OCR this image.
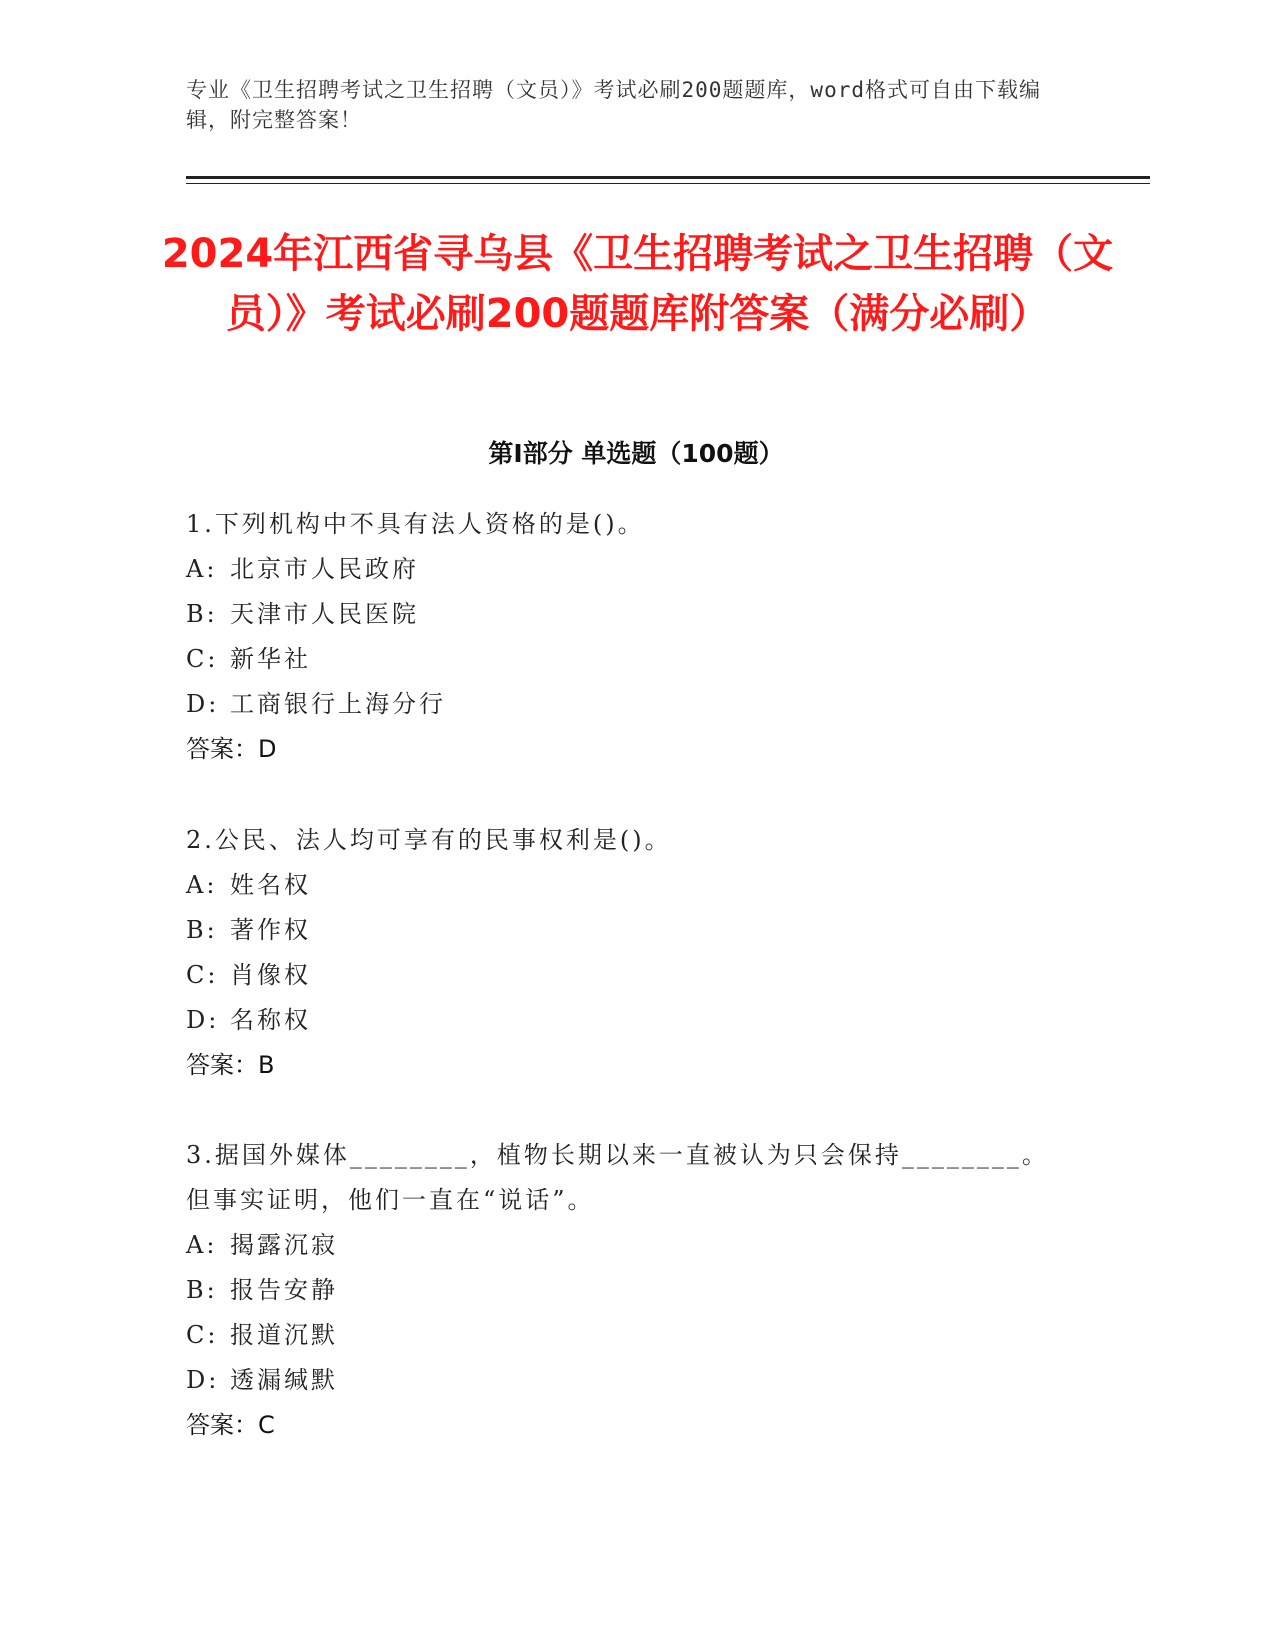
专业《卫生招聘考试之卫生招聘（文员）》考试必刷200题题库，word格式可自由下载编辑，附完整答案！
2024年江西省寻乌县《卫生招聘考试之卫生招聘（文员）》考试必刷200题题库附答案（满分必刷）
第Ⅰ部分 单选题（100题）

1.下列机构中不具有法人资格的是()。

A: 北京市人民政府

B: 天津市人民医院

C: 新华社

D: 工商银行上海分行

答案：D

2.公民、法人均可享有的民事权利是()。

A: 姓名权

B: 著作权

C: 肖像权

D: 名称权

答案：B

3.据国外媒体________，植物长期以来一直被认为只会保持________。但事实证明，他们一直在“说话”。

A: 揭露沉寂

B: 报告安静

C: 报道沉默

D: 透漏缄默

答案：C
